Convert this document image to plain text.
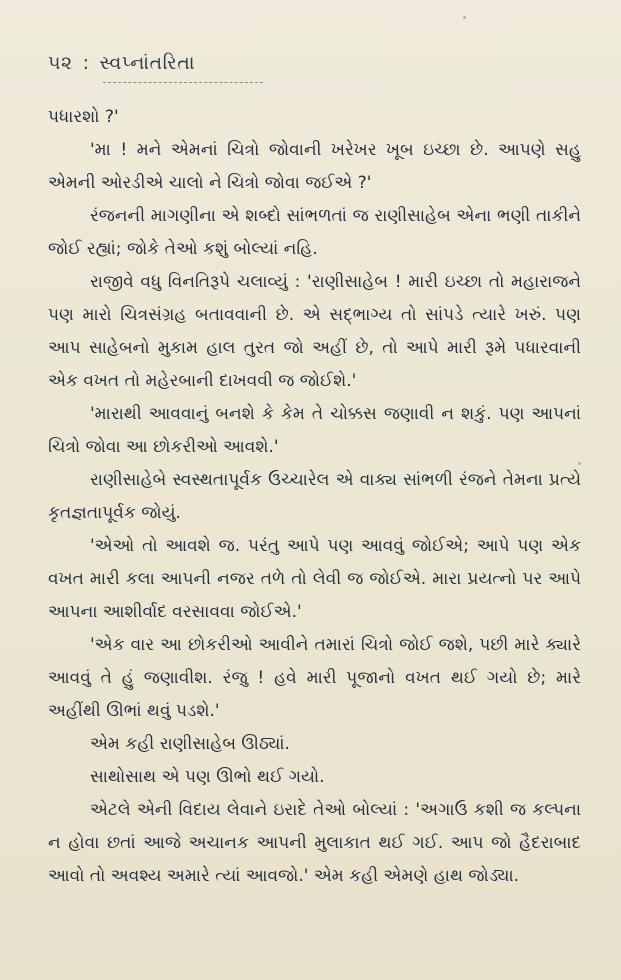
૫૨ : સ્વપ્નાંતરિતા

પધારશો ?'

'મા ! મને એમનાં ચિત્રો જોવાની ખરેખર ખૂબ ઇચ્છા છે. આપણે સહુ એમની ઓરડીએ ચાલો ને ચિત્રો જોવા જઈએ ?'

રંજનની માગણીના એ શબ્દો સાંભળતાં જ રાણીસાહેબ એના ભણી તાકીને જોઈ રહ્યાં; જોકે તેઓ કશું બોલ્યાં નહિ.

રાજીવે વધુ વિનતિરૂપે ચલાવ્યું : 'રાણીસાહેબ ! મારી ઇચ્છા તો મહારાજને પણ મારો ચિત્રસંગ્રહ બતાવવાની છે. એ સદ્ભાગ્ય તો સાંપડે ત્યારે ખરું. પણ આપ સાહેબનો મુકામ હાલ તુરત જો અહીં છે, તો આપે મારી રૂમે પધારવાની એક વખત તો મહેરબાની દાખવવી જ જોઈશે.'

'મારાથી આવવાનું બનશે કે કેમ તે ચોક્કસ જણાવી ન શકું. પણ આપનાં ચિત્રો જોવા આ છોકરીઓ આવશે.'

રાણીસાહેબે સ્વસ્થતાપૂર્વક ઉચ્ચારેલ એ વાક્ય સાંભળી રંજને તેમના પ્રત્યે કૃતજ્ઞતાપૂર્વક જોયું.

'એઓ તો આવશે જ. પરંતુ આપે પણ આવવું જોઈએ; આપે પણ એક વખત મારી કલા આપની નજર તળે તો લેવી જ જોઈએ. મારા પ્રયત્નો પર આપે આપના આશીર્વાદ વરસાવવા જોઈએ.'

'એક વાર આ છોકરીઓ આવીને તમારાં ચિત્રો જોઈ જશે, પછી મારે ક્યારે આવવું તે હું જણાવીશ. રંજુ ! હવે મારી પૂજાનો વખત થઈ ગયો છે; મારે અહીંથી ઊભાં થવું પડશે.'

એમ કહી રાણીસાહેબ ઊઠ્યાં.

સાથોસાથ એ પણ ઊભો થઈ ગયો.

એટલે એની વિદાય લેવાને ઇરાદે તેઓ બોલ્યાં : 'અગાઉ કશી જ કલ્પના ન હોવા છતાં આજે અચાનક આપની મુલાકાત થઈ ગઈ. આપ જો હૈદરાબાદ આવો તો અવશ્ય અમારે ત્યાં આવજો.' એમ કહી એમણે હાથ જોડ્યા.
